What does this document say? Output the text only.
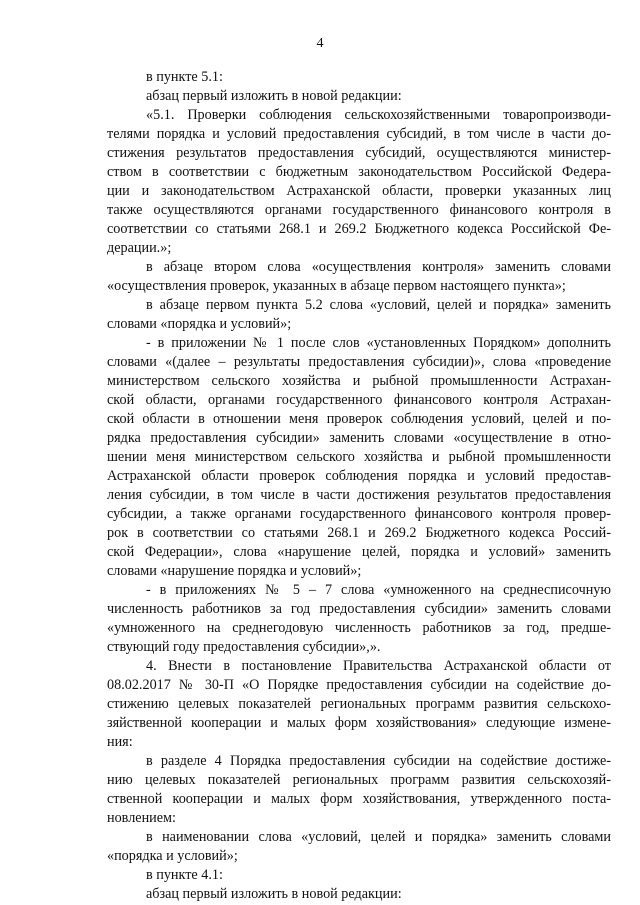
4

в пункте 5.1:

абзац первый изложить в новой редакции:

«5.1. Проверки соблюдения сельскохозяйственными товаропроизводи-
телями порядка и условий предоставления субсидий, в том числе в части до-
стижения результатов предоставления субсидий, осуществляются министер-
ством в соответствии с бюджетным законодательством Российской Федера-
ции и законодательством Астраханской области, проверки указанных лиц
также осуществляются органами государственного финансового контроля в
соответствии со статьями 268.1 и 269.2 Бюджетного кодекса Российской Фе-
дерации.»;

в абзаце втором слова «осуществления контроля» заменить словами
«осуществления проверок, указанных в абзаце первом настоящего пункта»;

в абзаце первом пункта 5.2 слова «условий, целей и порядка» заменить
словами «порядка и условий»;

- в приложении № 1 после слов «установленных Порядком» дополнить
словами «(далее – результаты предоставления субсидии)», слова «проведение
министерством сельского хозяйства и рыбной промышленности Астрахан-
ской области, органами государственного финансового контроля Астрахан-
ской области в отношении меня проверок соблюдения условий, целей и по-
рядка предоставления субсидии» заменить словами «осуществление в отно-
шении меня министерством сельского хозяйства и рыбной промышленности
Астраханской области проверок соблюдения порядка и условий предостав-
ления субсидии, в том числе в части достижения результатов предоставления
субсидии, а также органами государственного финансового контроля провер-
рок в соответствии со статьями 268.1 и 269.2 Бюджетного кодекса Россий-
ской Федерации», слова «нарушение целей, порядка и условий» заменить
словами «нарушение порядка и условий»;

- в приложениях № 5 – 7 слова «умноженного на среднесписочную
численность работников за год предоставления субсидии» заменить словами
«умноженного на среднегодовую численность работников за год, предше-
ствующий году предоставления субсидии»,».

4. Внести в постановление Правительства Астраханской области от
08.02.2017 № 30-П «О Порядке предоставления субсидии на содействие до-
стижению целевых показателей региональных программ развития сельскохо-
зяйственной кооперации и малых форм хозяйствования» следующие измене-
ния:

в разделе 4 Порядка предоставления субсидии на содействие достиже-
нию целевых показателей региональных программ развития сельскохозяй-
ственной кооперации и малых форм хозяйствования, утвержденного поста-
новлением:

в наименовании слова «условий, целей и порядка» заменить словами
«порядка и условий»;

в пункте 4.1:

абзац первый изложить в новой редакции:
